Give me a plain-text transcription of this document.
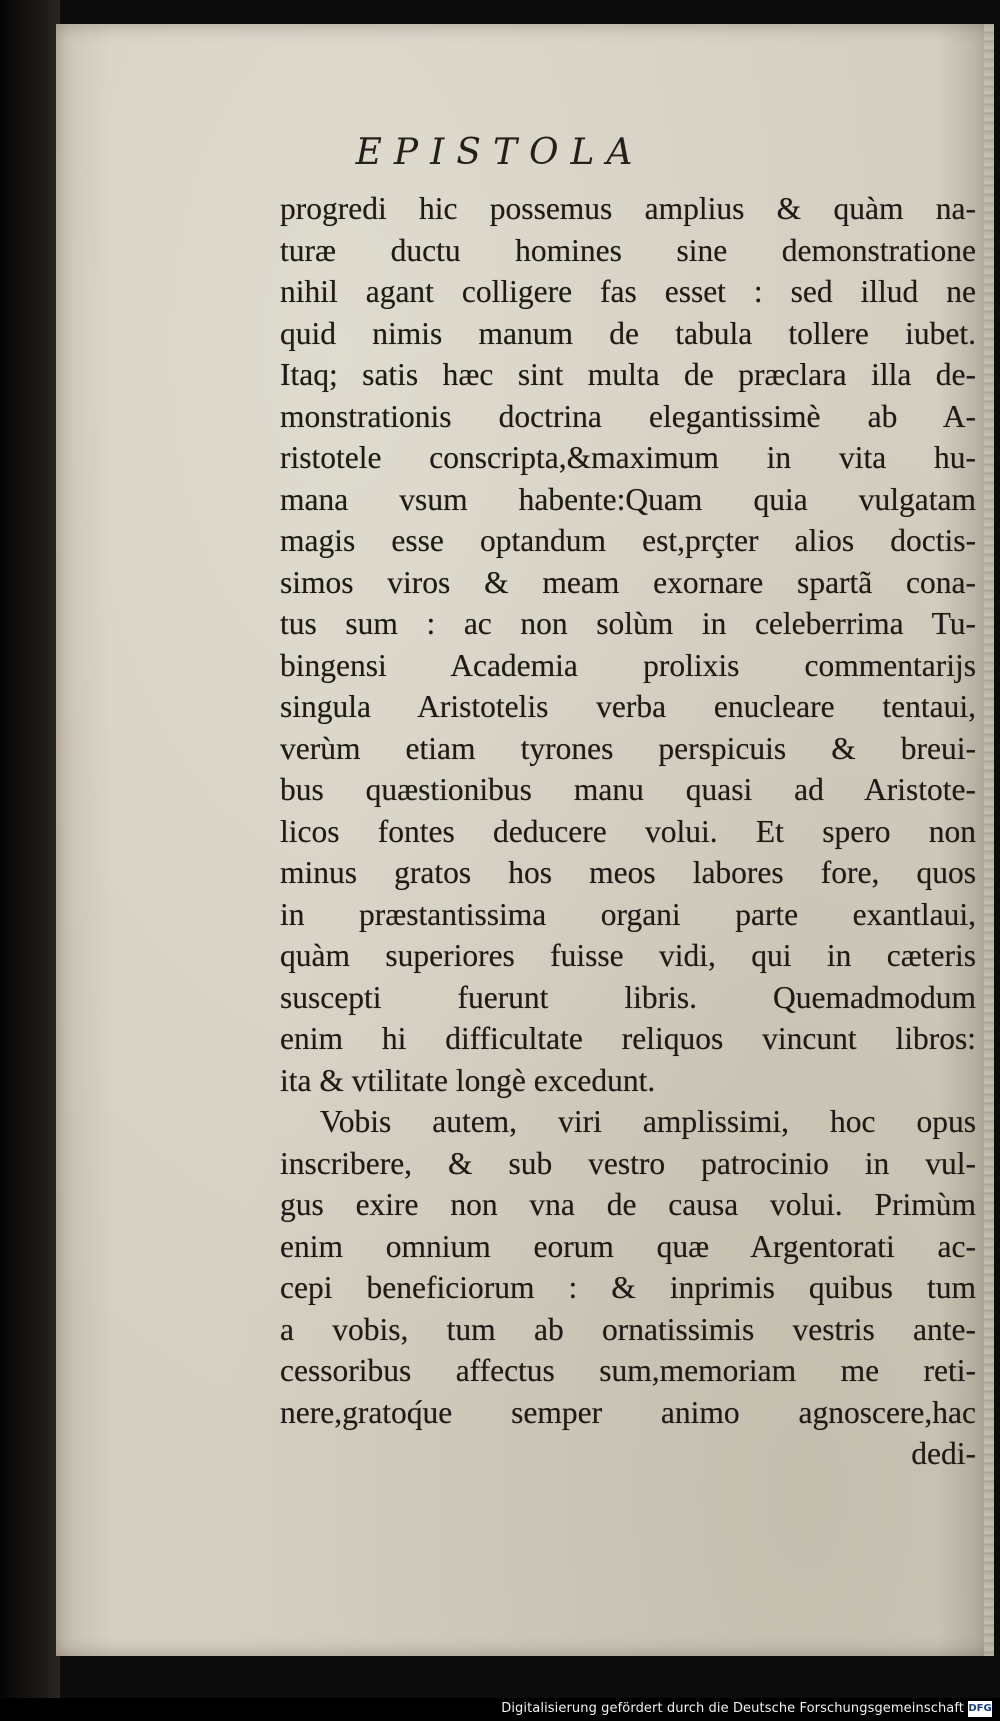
EPISTOLA
progredi hic possemus amplius & quàm na-
turæ ductu homines sine demonstratione
nihil agant colligere fas esset : sed illud ne
quid nimis manum de tabula tollere iubet.
Itaq; satis hæc sint multa de præclara illa de-
monstrationis doctrina elegantissimè ab A-
ristotele conscripta,&maximum in vita hu-
mana vsum habente:Quam quia vulgatam
magis esse optandum est,prçter alios doctis-
simos viros & meam exornare spartã cona-
tus sum : ac non solùm in celeberrima Tu-
bingensi Academia prolixis commentarijs
singula Aristotelis verba enucleare tentaui,
verùm etiam tyrones perspicuis & breui-
bus quæstionibus manu quasi ad Aristote-
licos fontes deducere volui. Et spero non
minus gratos hos meos labores fore, quos
in præstantissima organi parte exantlaui,
quàm superiores fuisse vidi, qui in cæteris
suscepti fuerunt libris. Quemadmodum
enim hi difficultate reliquos vincunt libros:
ita & vtilitate longè excedunt.
Vobis autem, viri amplissimi, hoc opus
inscribere, & sub vestro patrocinio in vul-
gus exire non vna de causa volui. Primùm
enim omnium eorum quæ Argentorati ac-
cepi beneficiorum : & inprimis quibus tum
a vobis, tum ab ornatissimis vestris ante-
cessoribus affectus sum,memoriam me reti-
nere,gratoq́ue semper animo agnoscere,hac
dedi-
Digitalisierung gefördert durch die Deutsche Forschungsgemeinschaft DFG
